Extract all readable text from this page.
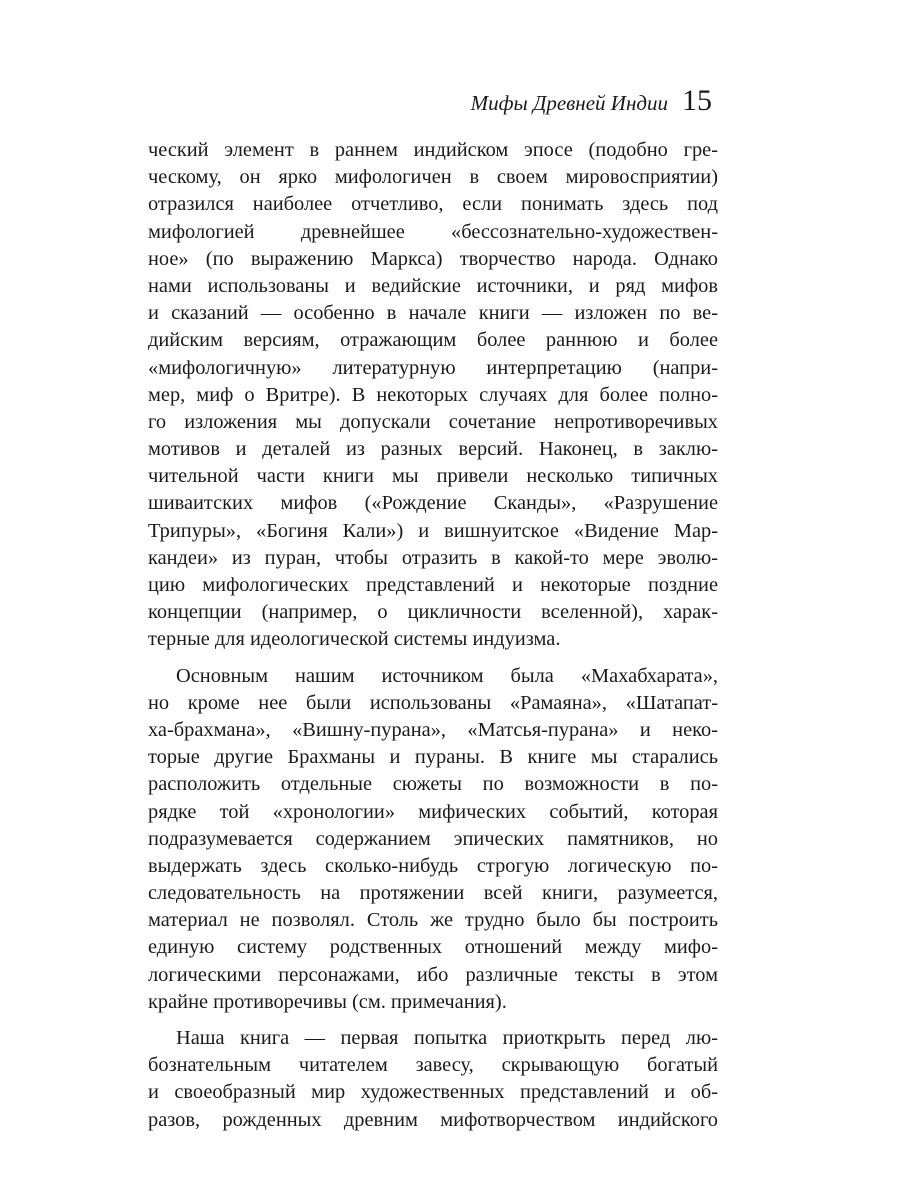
Мифы Древней Индии 15
ческий элемент в раннем индийском эпосе (подобно гре-
ческому, он ярко мифологичен в своем мировосприятии)
отразился наиболее отчетливо, если понимать здесь под
мифологией древнейшее «бессознательно-художествен-
ное» (по выражению Маркса) творчество народа. Однако
нами использованы и ведийские источники, и ряд мифов
и сказаний — особенно в начале книги — изложен по ве-
дийским версиям, отражающим более раннюю и более
«мифологичную» литературную интерпретацию (напри-
мер, миф о Вритре). В некоторых случаях для более полно-
го изложения мы допускали сочетание непротиворечивых
мотивов и деталей из разных версий. Наконец, в заклю-
чительной части книги мы привели несколько типичных
шиваитских мифов («Рождение Сканды», «Разрушение
Трипуры», «Богиня Кали») и вишнуитское «Видение Мар-
кандеи» из пуран, чтобы отразить в какой-то мере эволю-
цию мифологических представлений и некоторые поздние
концепции (например, о цикличности вселенной), харак-
терные для идеологической системы индуизма.
Основным нашим источником была «Махабхарата»,
но кроме нее были использованы «Рамаяна», «Шатапат-
ха-брахмана», «Вишну-пурана», «Матсья-пурана» и неко-
торые другие Брахманы и пураны. В книге мы старались
расположить отдельные сюжеты по возможности в по-
рядке той «хронологии» мифических событий, которая
подразумевается содержанием эпических памятников, но
выдержать здесь сколько-нибудь строгую логическую по-
следовательность на протяжении всей книги, разумеется,
материал не позволял. Столь же трудно было бы построить
единую систему родственных отношений между мифо-
логическими персонажами, ибо различные тексты в этом
крайне противоречивы (см. примечания).
Наша книга — первая попытка приоткрыть перед лю-
бознательным читателем завесу, скрывающую богатый
и своеобразный мир художественных представлений и об-
разов, рожденных древним мифотворчеством индийского
